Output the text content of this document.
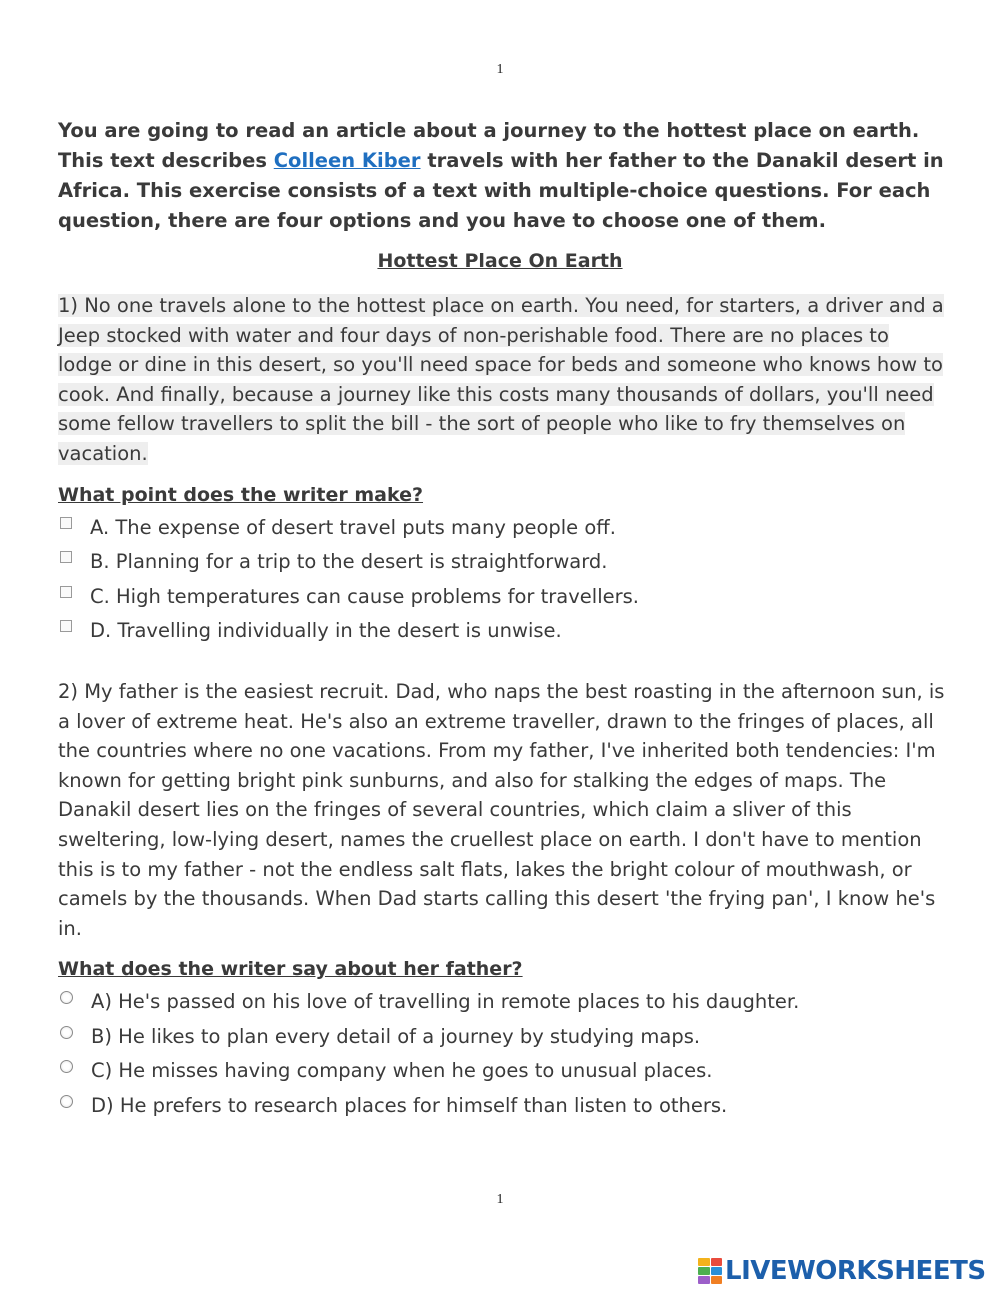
1
You are going to read an article about a journey to the hottest place on earth. This text describes Colleen Kiber travels with her father to the Danakil desert in Africa. This exercise consists of a text with multiple-choice questions. For each question, there are four options and you have to choose one of them.
Hottest Place On Earth
1) No one travels alone to the hottest place on earth. You need, for starters, a driver and a Jeep stocked with water and four days of non-perishable food. There are no places to lodge or dine in this desert, so you'll need space for beds and someone who knows how to cook. And finally, because a journey like this costs many thousands of dollars, you'll need some fellow travellers to split the bill - the sort of people who like to fry themselves on vacation.
What point does the writer make?
A. The expense of desert travel puts many people off.
B. Planning for a trip to the desert is straightforward.
C. High temperatures can cause problems for travellers.
D. Travelling individually in the desert is unwise.
2) My father is the easiest recruit. Dad, who naps the best roasting in the afternoon sun, is a lover of extreme heat. He's also an extreme traveller, drawn to the fringes of places, all the countries where no one vacations. From my father, I've inherited both tendencies: I'm known for getting bright pink sunburns, and also for stalking the edges of maps. The Danakil desert lies on the fringes of several countries, which claim a sliver of this sweltering, low-lying desert, names the cruellest place on earth. I don't have to mention this is to my father - not the endless salt flats, lakes the bright colour of mouthwash, or camels by the thousands. When Dad starts calling this desert 'the frying pan', I know he's in.
What does the writer say about her father?
A) He's passed on his love of travelling in remote places to his daughter.
B) He likes to plan every detail of a journey by studying maps.
C) He misses having company when he goes to unusual places.
D) He prefers to research places for himself than listen to others.
1
LIVEWORKSHEETS
